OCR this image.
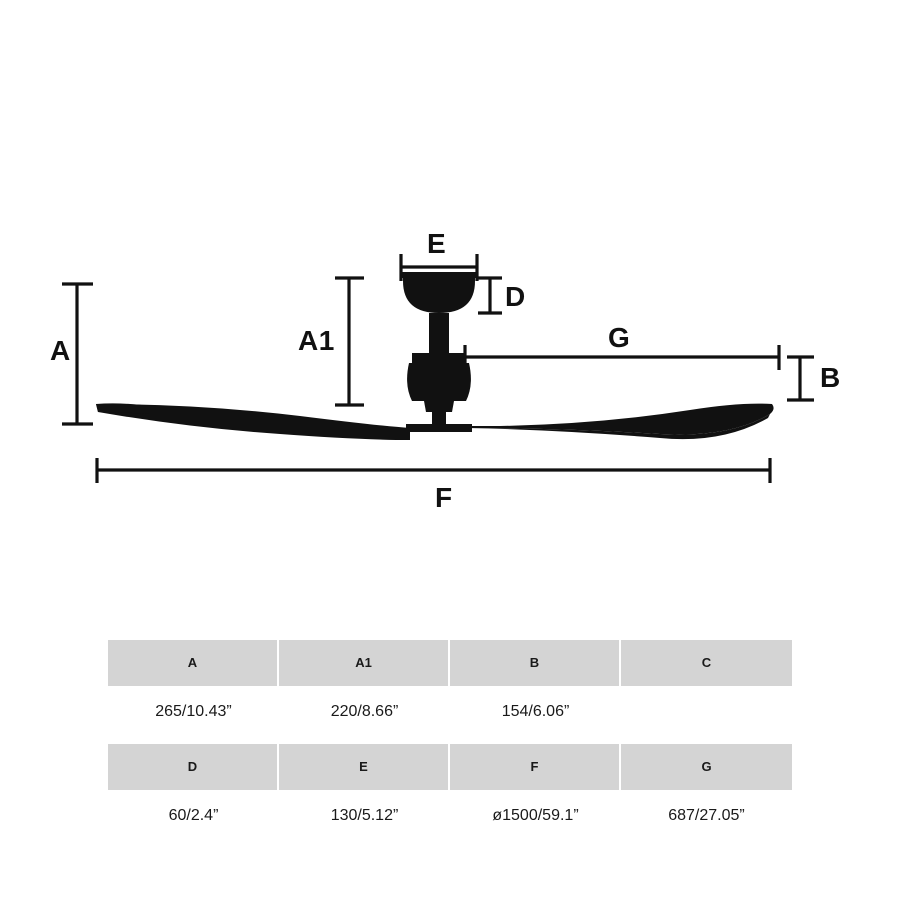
A	A1
E
D
G
B
F
A	A1	B	C
265/10.43”	220/8.66”	154/6.06”
D	E	F	G
60/2.4”	130/5.12”	ø1500/59.1”	687/27.05”
